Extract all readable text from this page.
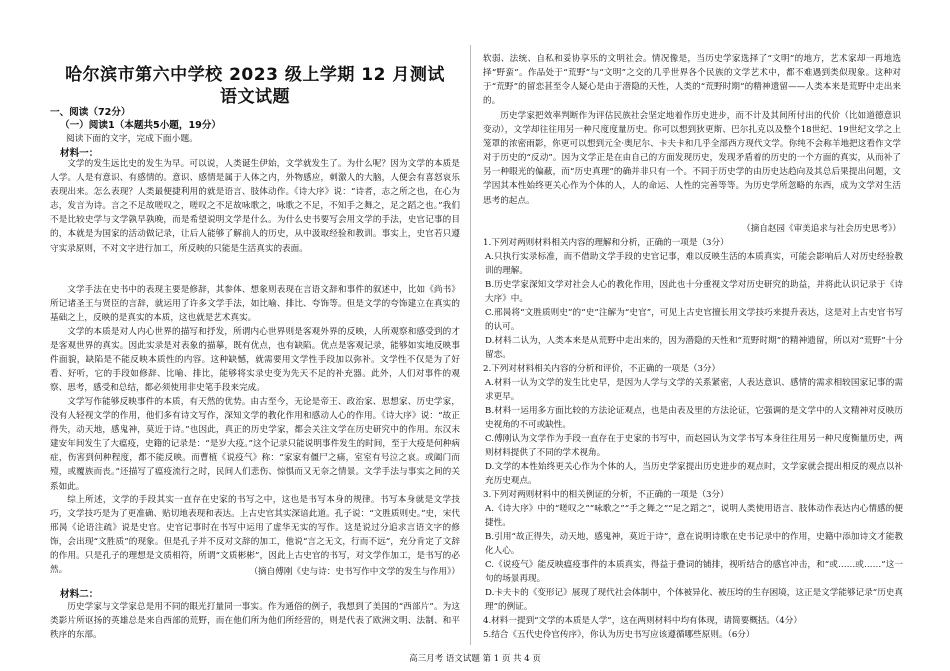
哈尔滨市第六中学校 2023 级上学期 12 月测试
语文试题
一、阅读（72分）
（一）阅读1（本题共5小题，19分）
阅读下面的文字，完成下面小题。
材料一：
文学的发生远比史的发生为早。可以说，人类诞生伊始，文学就发生了。为什么呢？因为文学的本质是人学。人是有意识、有感情的。意识、感情是属于人体之内，外物感应，刺激人的大脑，人便会有喜怒哀乐表现出来。怎么表现？人类最便捷利用的就是语言、肢体动作。《诗大序》说：“诗者，志之所之也，在心为志，发言为诗。言之不足故嗟叹之，嗟叹之不足故咏歌之，咏歌之不足，不知手之舞之，足之蹈之也。”我们不是比较史学与文学孰早孰晚，而是希望说明文学是什么。为什么史书要写会用文学的手法，史官记事的目的，本就是为国家的活动做记录，让后人能够了解前人的历史，从中汲取经验和教训。事实上，史官若只遵守实录原则，不对文字进行加工，所反映的只能是生活真实的表面。
文学手法在史书中的表现主要是修辞，其参体、想象则表现在言语文辞和事件的叙述中，比如《尚书》所记诸圣王与贤臣的言辞，就运用了许多文学手法，如比喻、排比、夸饰等。但是文学的夸饰建立在真实的基础之上，反映的是真实的本质，这也就是艺术真实。
文学的本质是对人内心世界的描写和抒发，所谓内心世界则是客观外界的反映，人所观察和感受到的才是客观世界的真实。因此实录是对表象的描摹，既有优点，也有缺陷。优点是客观记录，能够如实地反映事件面貌，缺陷是不能反映本质性的内容。这种缺憾，就需要用文学性手段加以弥补。文学性不仅是为了好看、好听，它的手段如修辞、比喻、排比，能够将实录史变为先天不足的补充器。此外，人们对事件的观察、思考，感受和总结，都必须使用非史笔手段来完成。
文学写作能够反映事件的本质，有天然的优势。由古至今，无论是帝王、政治家、思想家、历史学家，没有人轻视文学的作用，他们多有诗文写作，深知文学的教化作用和感动人心的作用。《诗大序》说：“故正得失，动天地，感鬼神，莫近于诗。”也因此，真正的历史学家，都会关注文学在历史研究中的作用。东汉末建安年间发生了大瘟疫，史籍的记录是：“是岁大疫。”这个记录只能说明事件发生的时间，至于大疫是何种病症，伤害到何种程度，都不能反映。而曹植《说疫气》称：“家家有僵尸之痛，室室有号泣之哀。或阖门而殪，或覆族而丧。”还描写了瘟疫流行之时，民间人们悲伤、惊惧而又无奈之情景。文学手法与事实之间的关系如此。
综上所述，文学的手段其实一直存在史家的书写之中，这也是书写本身的规律。书写本身就是文学技巧，文学技巧是为了更准确、贴切地表现和表达。上古史官其实深谙此道。孔子说：“文胜质则史。”史，宋代邢昺《论语注疏》说是史官。史官记事时在书写中运用了虚华无实的写作。这是说过分追求言语文字的修饰，会出现“文胜质”的现象。但是孔子并不反对文辞的加工，他说“言之无文，行而不远”，充分肯定了文辞的作用。只是孔子的理想是文质相符，所谓“文质彬彬”，因此上古史官的书写，对文学作加工，是书写的必然。	（摘自傅刚《史与诗：史书写作中文学的发生与作用》）
材料二：
历史学家与文学家总是用不同的眼光打量同一事实。作为通俗的例子，我想到了美国的“西部片”。为这类影片所讴扬的英雄总是来自西部的荒野，而在他们所为他们所经营的，则是代表了欧洲文明、法制、和平秩序的东部。
软弱、法统、自私和妥协享乐的文明社会。情况像是，当历史学家选择了“文明”的地方，艺术家却一再地选择“野蛮”。作品处于“荒野”与“文明”之交的几乎世界各个民族的文学艺术中，都不难遇到类似现象。这种对于“荒野”的留恋甚至令人疑心是由于潜隐的天性，人类的“荒野时期”的精神遗留——人类本来是荒野中走出来的。
历史学家把效率判断作为评估民族社会坚定地着作历史进步，而不计及其间所付出的代价（比如道德意识变动），文学却往往用另一种尺度度量历史。你可以想到狄更斯、巴尔扎克以及整个18世纪、19世纪文学之上笼罩的浓密雨影，你更可以想到元全·奥尼尔、卡夫卡和几乎全部西方现代文学。你纯不会称羊地把这看作文学对于历史的“反动”。因为文学正是在由自己的方面发现历史，发现矛盾着的历史的一个方面的真实，从而补了另一种眼光的偏蔽，而“历史真理”的确并非只有一个。不同于历史学的由历史达趋向及其总后果提出问题，文学因其本性始终更关心作为个体的人，人的命运、人性的完善等等。为历史学所忽略的东西，成为文学对生活思考的起点。
（摘自赵园《审美追求与社会历史思考》）
1.下列对两则材料相关内容的理解和分析，正确的一项是（3分）
A.只执行实录标准，而不借助文学手段的史官记事，难以反映生活的本质真实，可能会影响后人对历史经验教训的理解。
B.历史学家深知文学对社会人心的教化作用，因此也十分重视文学对历史研究的助益，并将此认识记录于《诗大序》中。
C.邢昺将“文胜质则史”的“史”注解为“史官”，可见上古史官擅长用文学技巧来提升表达，这是对上古史官书写的认可。
D.材料二认为，人类本来是从荒野中走出来的，因为潜隐的天性和“荒野时期”的精神遗留，所以对“荒野”十分留恋。
2.下列对材料相关内容的分析和评价，不正确的一项是（3分）
A.材料一认为文学的发生比史早，是因为人学与文学的关系紧密，人表达意识、感情的需求相较国家记事的需求更早。
B.材料一运用多方面比较的方法论证观点，也是由表及里的方法论证，它强调的是文学中的人文精神对反映历史视角的不可或缺性。
C.傅刚认为文学作为手段一直存在于史家的书写中，而赵园认为文学书写本身往往用另一种尺度衡量历史，两则材料提供了不同的学术视角。
D.文学的本性始终更关心作为个体的人，当历史学家提出历史进步的观点时，文学家就会提出相反的观点以补充历史观点。
3.下列对两则材料中的相关例证的分析，不正确的一项是（3分）
A.《诗大序》中的“嗟叹之”“咏歌之”“手之舞之”“足之蹈之”，说明人类使用语言、肢体动作表达内心情感的便捷性。
B.引用“故正得失，动天地，感鬼神，莫近于诗”，意在说明诗歌在史书记录中的作用，史籍中添加诗文才能教化人心。
C.《说疫气》能反映瘟疫事件的本质真实，得益于叠词的铺排，视听结合的感官冲击，和“或……或……”这一句的场景再现。
D.卡夫卡的《变形记》展现了现代社会体制中，个体被异化、被压垮的生存困境，这正是文学能够记录“历史真理”的例证。
4.材料一提到“文学的本质是人学”，这在两则材料中均有体现，请简要概括。（4分）
5.结合《五代史伶官传序》，你认为历史书写应该遵循哪些原则。（6分）
高三月考 语文试题 第 1 页 共 4 页
